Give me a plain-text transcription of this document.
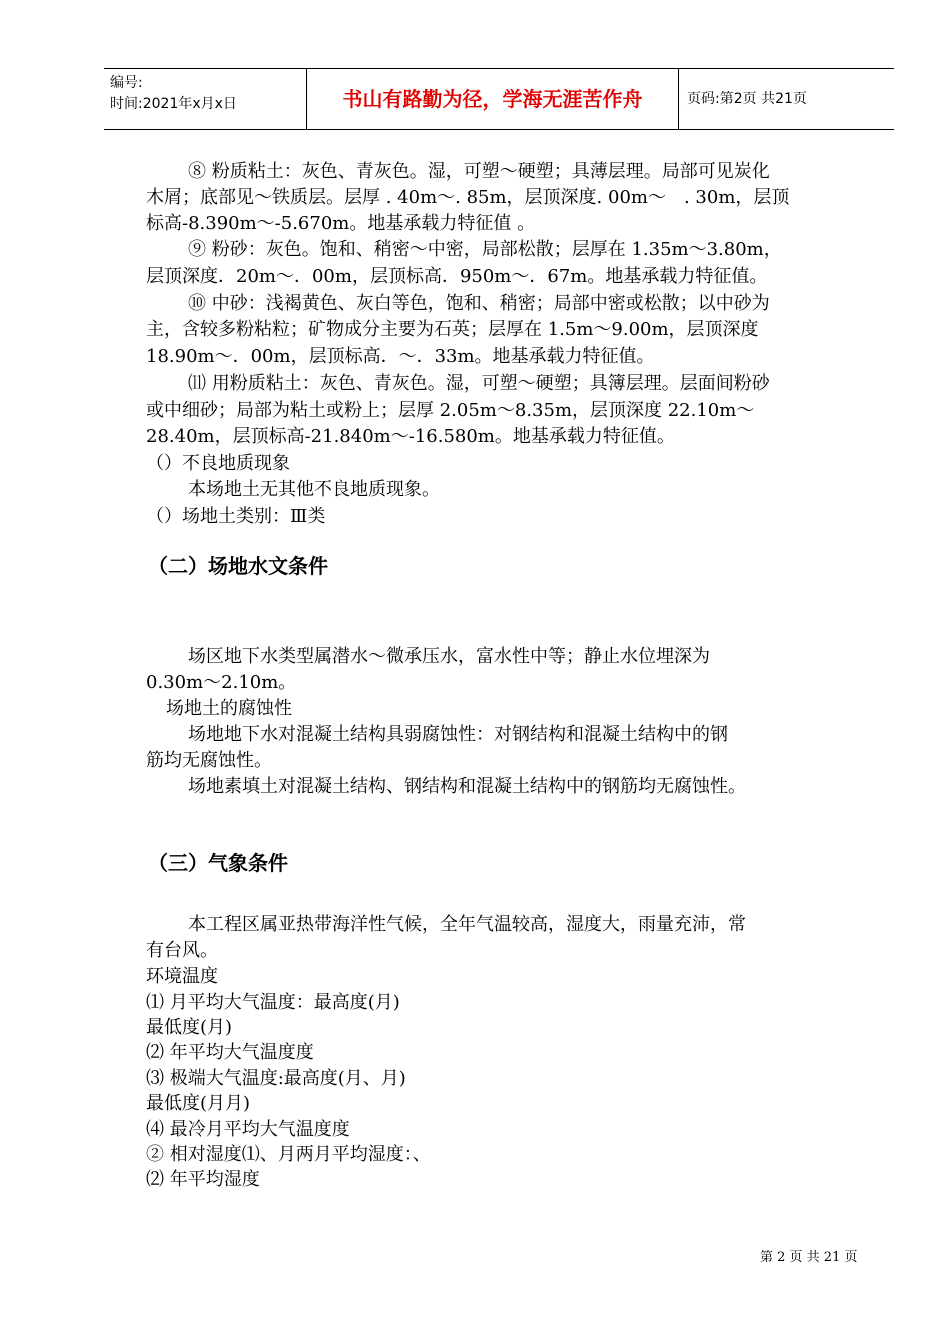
编号:
时间:2021年x月x日	书山有路勤为径，学海无涯苦作舟	页码:第2页 共21页
⑧ 粉质粘土：灰色、青灰色。湿，可塑～硬塑；具薄层理。局部可见炭化
木屑；底部见～铁质层。层厚 . 40m～. 85m，层顶深度. 00m～　. 30m，层顶
标高-8.390m～-5.670m。地基承载力特征值 。
⑨ 粉砂：灰色。饱和、稍密～中密，局部松散；层厚在 1.35m～3.80m，
层顶深度．20m～．00m，层顶标高．950m～．67m。地基承载力特征值。
⑩ 中砂：浅褐黄色、灰白等色，饱和、稍密；局部中密或松散；以中砂为
主，含较多粉粘粒；矿物成分主要为石英；层厚在 1.5m～9.00m，层顶深度
18.90m～．00m，层顶标高．～．33m。地基承载力特征值。
⑾ 用粉质粘土：灰色、青灰色。湿，可塑～硬塑；具簿层理。层面间粉砂
或中细砂；局部为粘土或粉上；层厚 2.05m～8.35m，层顶深度 22.10m～
28.40m，层顶标高-21.840m～-16.580m。地基承载力特征值。
（）不良地质现象
本场地土无其他不良地质现象。
（）场地土类别：Ⅲ类
（二）场地水文条件
场区地下水类型属潜水～微承压水，富水性中等；静止水位埋深为
0.30m～2.10m。
场地土的腐蚀性
场地地下水对混凝土结构具弱腐蚀性：对钢结构和混凝土结构中的钢
筋均无腐蚀性。
场地素填土对混凝土结构、钢结构和混凝土结构中的钢筋均无腐蚀性。
（三）气象条件
本工程区属亚热带海洋性气候，全年气温较高，湿度大，雨量充沛，常
有台风。
环境温度
⑴ 月平均大气温度：最高度(月)
最低度(月)
⑵ 年平均大气温度度
⑶ 极端大气温度:最高度(月、月)
最低度(月月)
⑷ 最冷月平均大气温度度
② 相对湿度⑴、月两月平均湿度：、
⑵ 年平均湿度
第 2 页 共 21 页
